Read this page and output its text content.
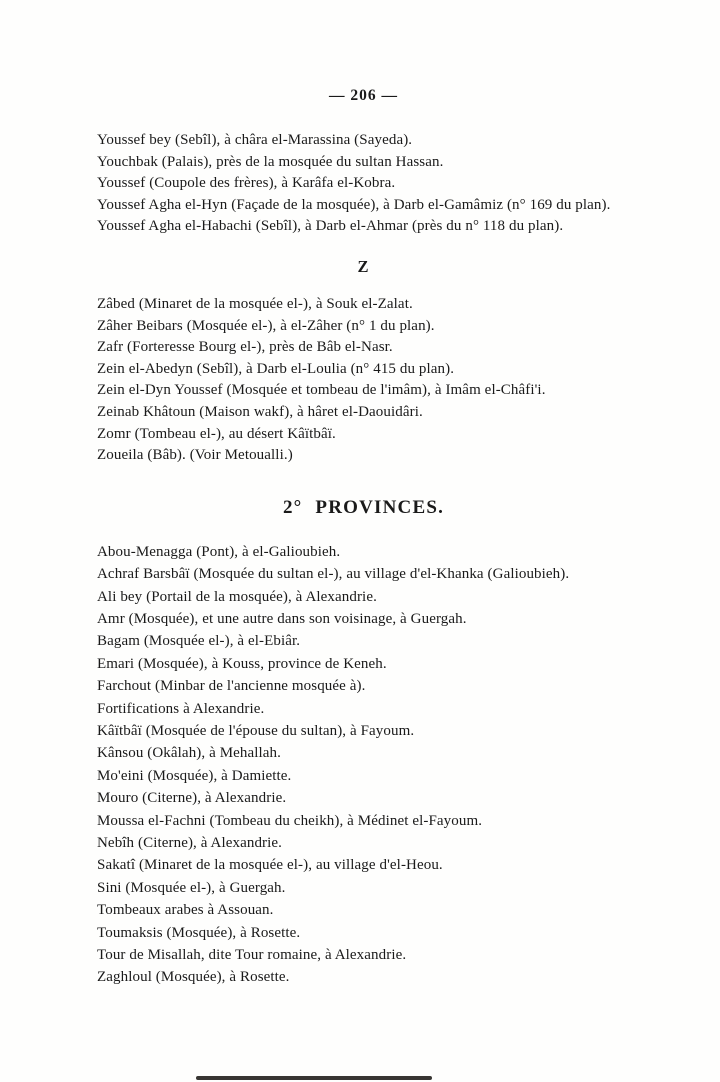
— 206 —

Youssef bey (Sebîl), à châra el-Marassina (Sayeda).

Youchbak (Palais), près de la mosquée du sultan Hassan.

Youssef (Coupole des frères), à Karâfa el-Kobra.

Youssef Agha el-Hyn (Façade de la mosquée), à Darb el-Gamâmiz (n° 169 du plan).

Youssef Agha el-Habachi (Sebîl), à Darb el-Ahmar (près du n° 118 du plan).

Z

Zâbed (Minaret de la mosquée el-), à Souk el-Zalat.

Zâher Beibars (Mosquée el-), à el-Zâher (n° 1 du plan).

Zafr (Forteresse Bourg el-), près de Bâb el-Nasr.

Zein el-Abedyn (Sebîl), à Darb el-Loulia (n° 415 du plan).

Zein el-Dyn Youssef (Mosquée et tombeau de l'imâm), à Imâm el-Châfi'i.

Zeinab Khâtoun (Maison wakf), à hâret el-Daouidâri.

Zomr (Tombeau el-), au désert Kâïtbâï.

Zoueila (Bâb). (Voir Metoualli.)

2° PROVINCES.

Abou-Menagga (Pont), à el-Galioubieh.

Achraf Barsbâï (Mosquée du sultan el-), au village d'el-Khanka (Galioubieh).

Ali bey (Portail de la mosquée), à Alexandrie.

Amr (Mosquée), et une autre dans son voisinage, à Guergah.

Bagam (Mosquée el-), à el-Ebiâr.

Emari (Mosquée), à Kouss, province de Keneh.

Farchout (Minbar de l'ancienne mosquée à).

Fortifications à Alexandrie.

Kâïtbâï (Mosquée de l'épouse du sultan), à Fayoum.

Kânsou (Okâlah), à Mehallah.

Mo'eini (Mosquée), à Damiette.

Mouro (Citerne), à Alexandrie.

Moussa el-Fachni (Tombeau du cheikh), à Médinet el-Fayoum.

Nebîh (Citerne), à Alexandrie.

Sakatî (Minaret de la mosquée el-), au village d'el-Heou.

Sini (Mosquée el-), à Guergah.

Tombeaux arabes à Assouan.

Toumaksis (Mosquée), à Rosette.

Tour de Misallah, dite Tour romaine, à Alexandrie.

Zaghloul (Mosquée), à Rosette.
